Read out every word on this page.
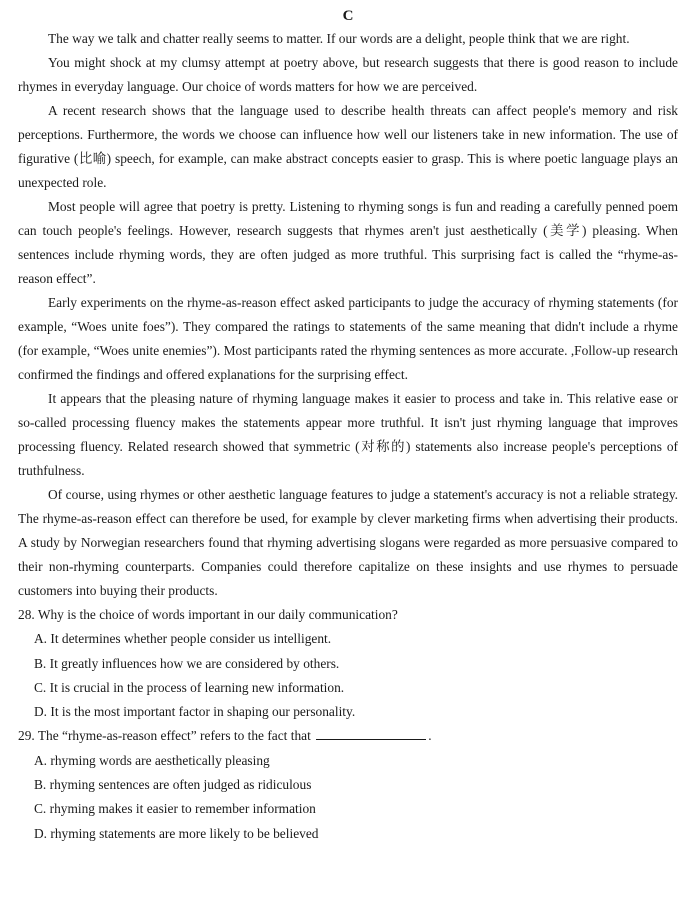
C

The way we talk and chatter really seems to matter. If our words are a delight, people think that we are right.

You might shock at my clumsy attempt at poetry above, but research suggests that there is good reason to include rhymes in everyday language. Our choice of words matters for how we are perceived.

A recent research shows that the language used to describe health threats can affect people's memory and risk perceptions. Furthermore, the words we choose can influence how well our listeners take in new information. The use of figurative (比喻) speech, for example, can make abstract concepts easier to grasp. This is where poetic language plays an unexpected role.

Most people will agree that poetry is pretty. Listening to rhyming songs is fun and reading a carefully penned poem can touch people's feelings. However, research suggests that rhymes aren't just aesthetically (美学) pleasing. When sentences include rhyming words, they are often judged as more truthful. This surprising fact is called the “rhyme-as-reason effect”.

Early experiments on the rhyme-as-reason effect asked participants to judge the accuracy of rhyming statements (for example, “Woes unite foes”). They compared the ratings to statements of the same meaning that didn't include a rhyme (for example, “Woes unite enemies”). Most participants rated the rhyming sentences as more accurate. ,Follow-up research confirmed the findings and offered explanations for the surprising effect.

It appears that the pleasing nature of rhyming language makes it easier to process and take in. This relative ease or so-called processing fluency makes the statements appear more truthful. It isn't just rhyming language that improves processing fluency. Related research showed that symmetric (对称的) statements also increase people's perceptions of truthfulness.

Of course, using rhymes or other aesthetic language features to judge a statement's accuracy is not a reliable strategy. The rhyme-as-reason effect can therefore be used, for example by clever marketing firms when advertising their products. A study by Norwegian researchers found that rhyming advertising slogans were regarded as more persuasive compared to their non-rhyming counterparts. Companies could therefore capitalize on these insights and use rhymes to persuade customers into buying their products.

28. Why is the choice of words important in our daily communication?

A. It determines whether people consider us intelligent.

B. It greatly influences how we are considered by others.

C. It is crucial in the process of learning new information.

D. It is the most important factor in shaping our personality.

29. The “rhyme-as-reason effect” refers to the fact that	.

A. rhyming words are aesthetically pleasing

B. rhyming sentences are often judged as ridiculous

C. rhyming makes it easier to remember information

D. rhyming statements are more likely to be believed
